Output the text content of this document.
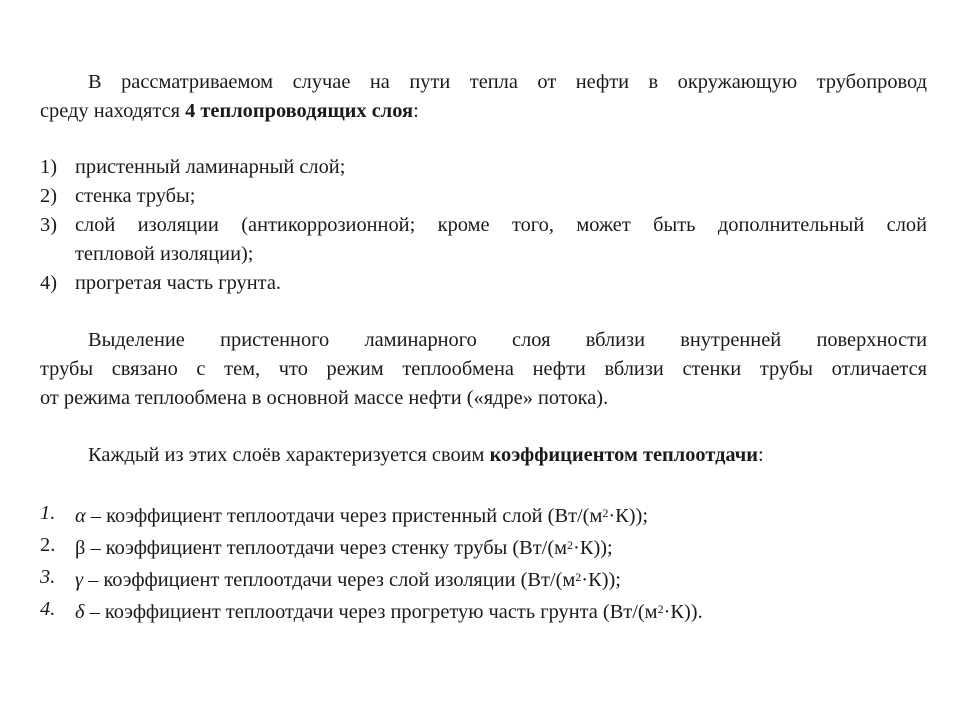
В рассматриваемом случае на пути тепла от нефти в окружающую трубопровод

среду находятся 4 теплопроводящих слоя:

1) пристенный ламинарный слой;
2) стенка трубы;
3) слой изоляции (антикоррозионной; кроме того, может быть дополнительный слой
тепловой изоляции);
4) прогретая часть грунта.

Выделение пристенного ламинарного слоя вблизи внутренней поверхности

трубы связано с тем, что режим теплообмена нефти вблизи стенки трубы отличается

от режима теплообмена в основной массе нефти («ядре» потока).

Каждый из этих слоёв характеризуется своим коэффициентом теплоотдачи:

1. α – коэффициент теплоотдачи через пристенный слой $(Вт/(м^2\cdot К))$;
2. β – коэффициент теплоотдачи через стенку трубы $(Вт/(м^2\cdot К))$;
3. γ – коэффициент теплоотдачи через слой изоляции $(Вт/(м^2\cdot К))$;
4. δ – коэффициент теплоотдачи через прогретую часть грунта $(Вт/(м^2\cdot К))$.
